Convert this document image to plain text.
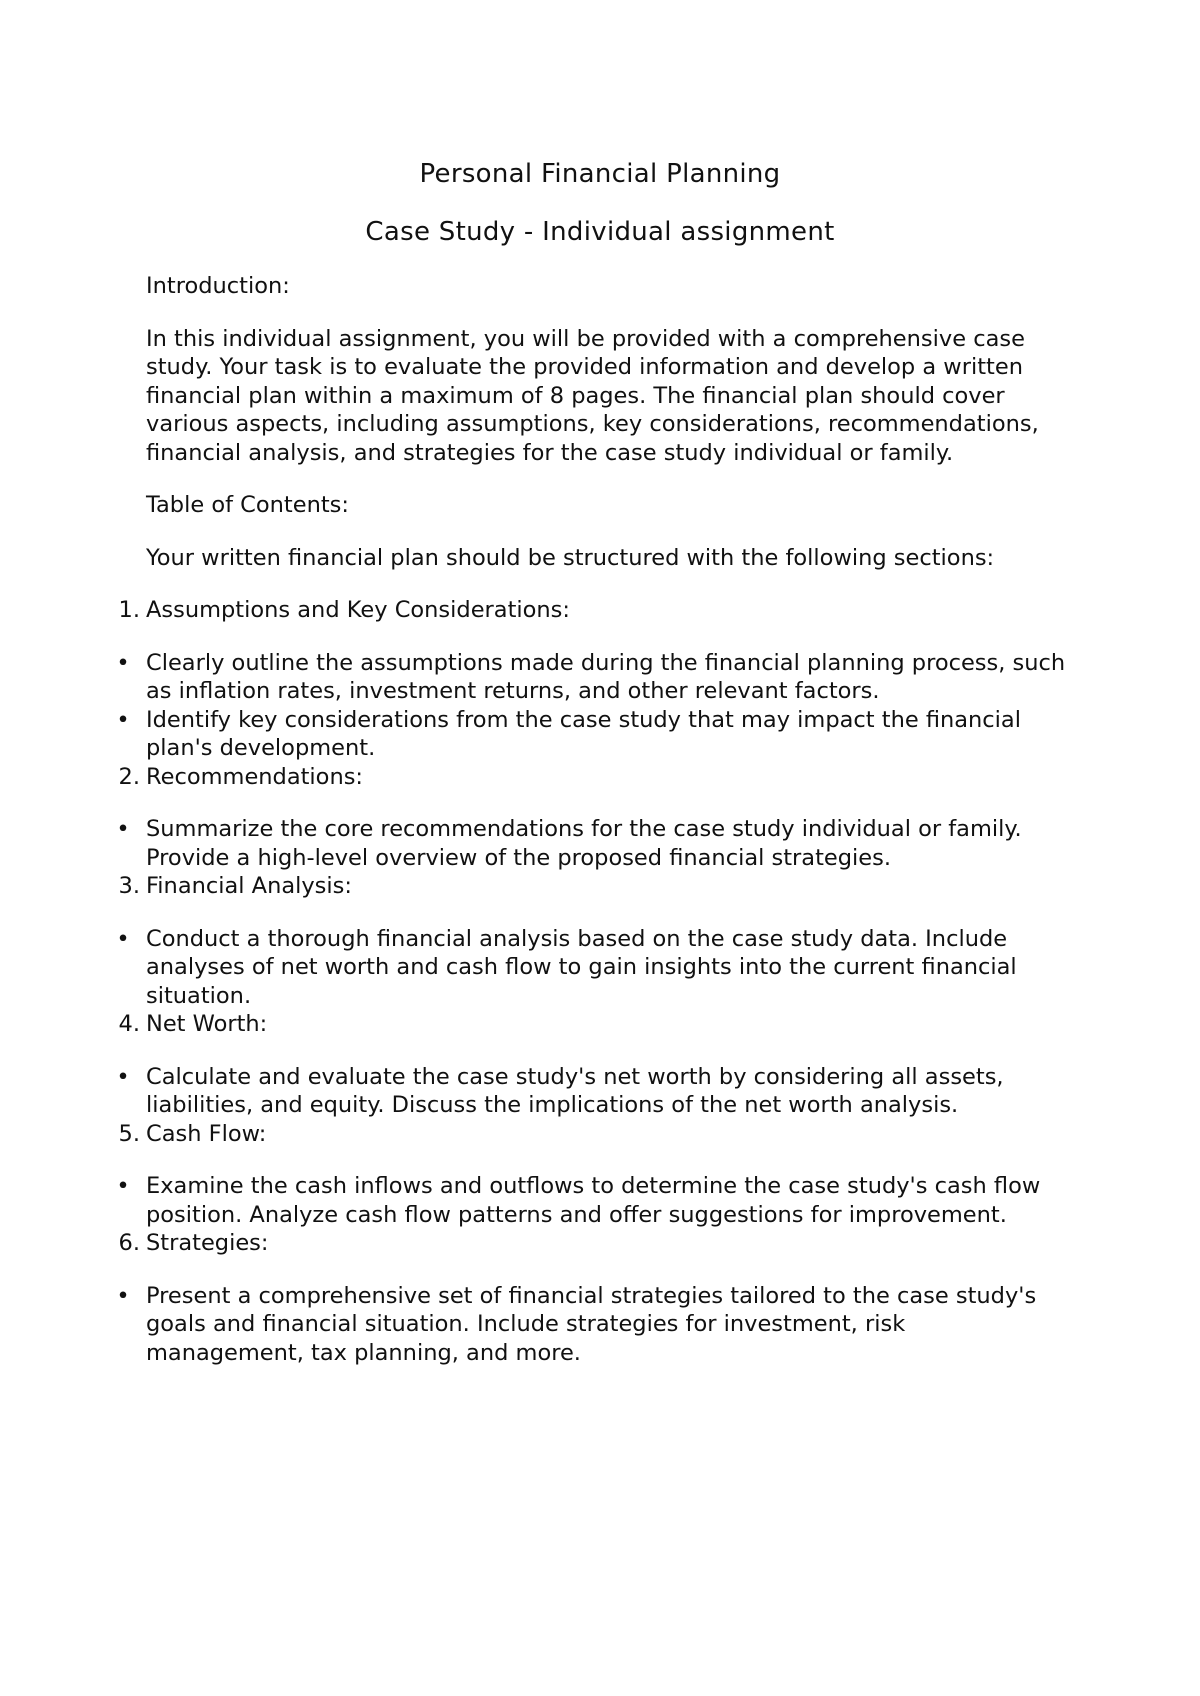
Personal Financial Planning
Case Study - Individual assignment

Introduction:

In this individual assignment, you will be provided with a comprehensive case study. Your task is to evaluate the provided information and develop a written financial plan within a maximum of 8 pages. The financial plan should cover various aspects, including assumptions, key considerations, recommendations, financial analysis, and strategies for the case study individual or family.

Table of Contents:

Your written financial plan should be structured with the following sections:

1. Assumptions and Key Considerations:
• Clearly outline the assumptions made during the financial planning process, such as inflation rates, investment returns, and other relevant factors.
• Identify key considerations from the case study that may impact the financial plan's development.
2. Recommendations:
• Summarize the core recommendations for the case study individual or family. Provide a high-level overview of the proposed financial strategies.
3. Financial Analysis:
• Conduct a thorough financial analysis based on the case study data. Include analyses of net worth and cash flow to gain insights into the current financial situation.
4. Net Worth:
• Calculate and evaluate the case study's net worth by considering all assets, liabilities, and equity. Discuss the implications of the net worth analysis.
5. Cash Flow:
• Examine the cash inflows and outflows to determine the case study's cash flow position. Analyze cash flow patterns and offer suggestions for improvement.
6. Strategies:
• Present a comprehensive set of financial strategies tailored to the case study's goals and financial situation. Include strategies for investment, risk management, tax planning, and more.
